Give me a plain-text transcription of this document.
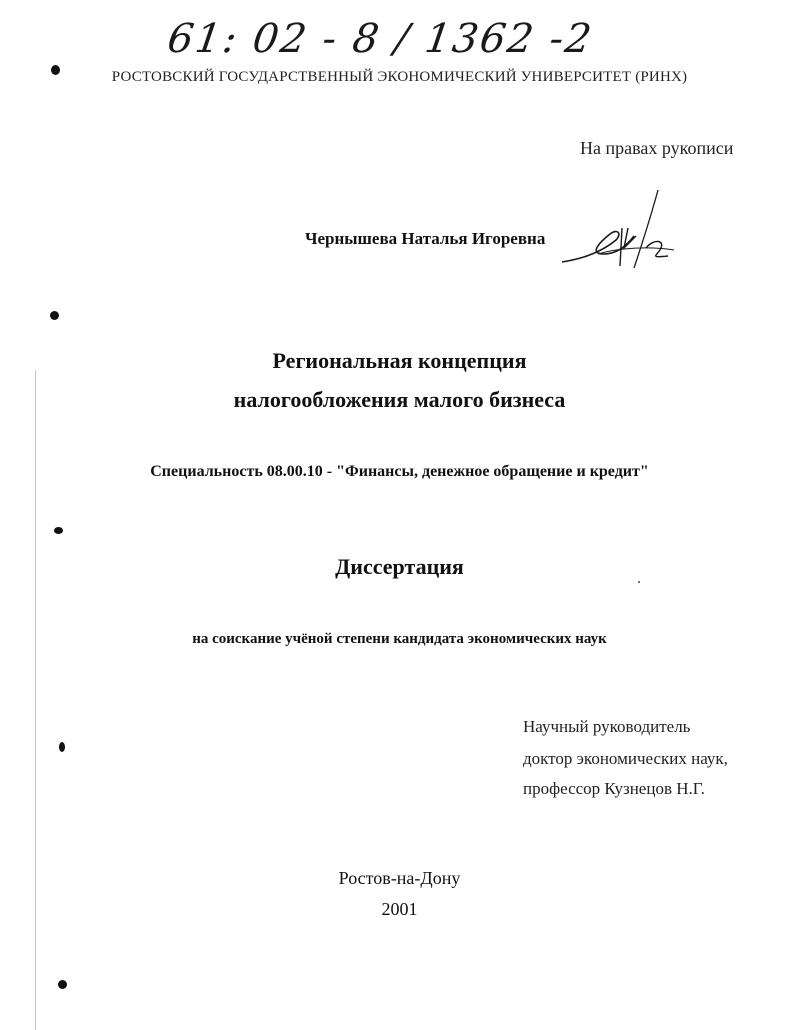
61: 02 - 8 / 1362 -2
РОСТОВСКИЙ ГОСУДАРСТВЕННЫЙ ЭКОНОМИЧЕСКИЙ УНИВЕРСИТЕТ (РИНХ)
На правах рукописи
Чернышева Наталья Игоревна
Региональная концепция
налогообложения малого бизнеса
Специальность 08.00.10 - "Финансы, денежное обращение и кредит"
Диссертация
на соискание учёной степени кандидата экономических наук
Научный руководитель
доктор экономических наук,
профессор Кузнецов Н.Г.
Ростов-на-Дону
2001
